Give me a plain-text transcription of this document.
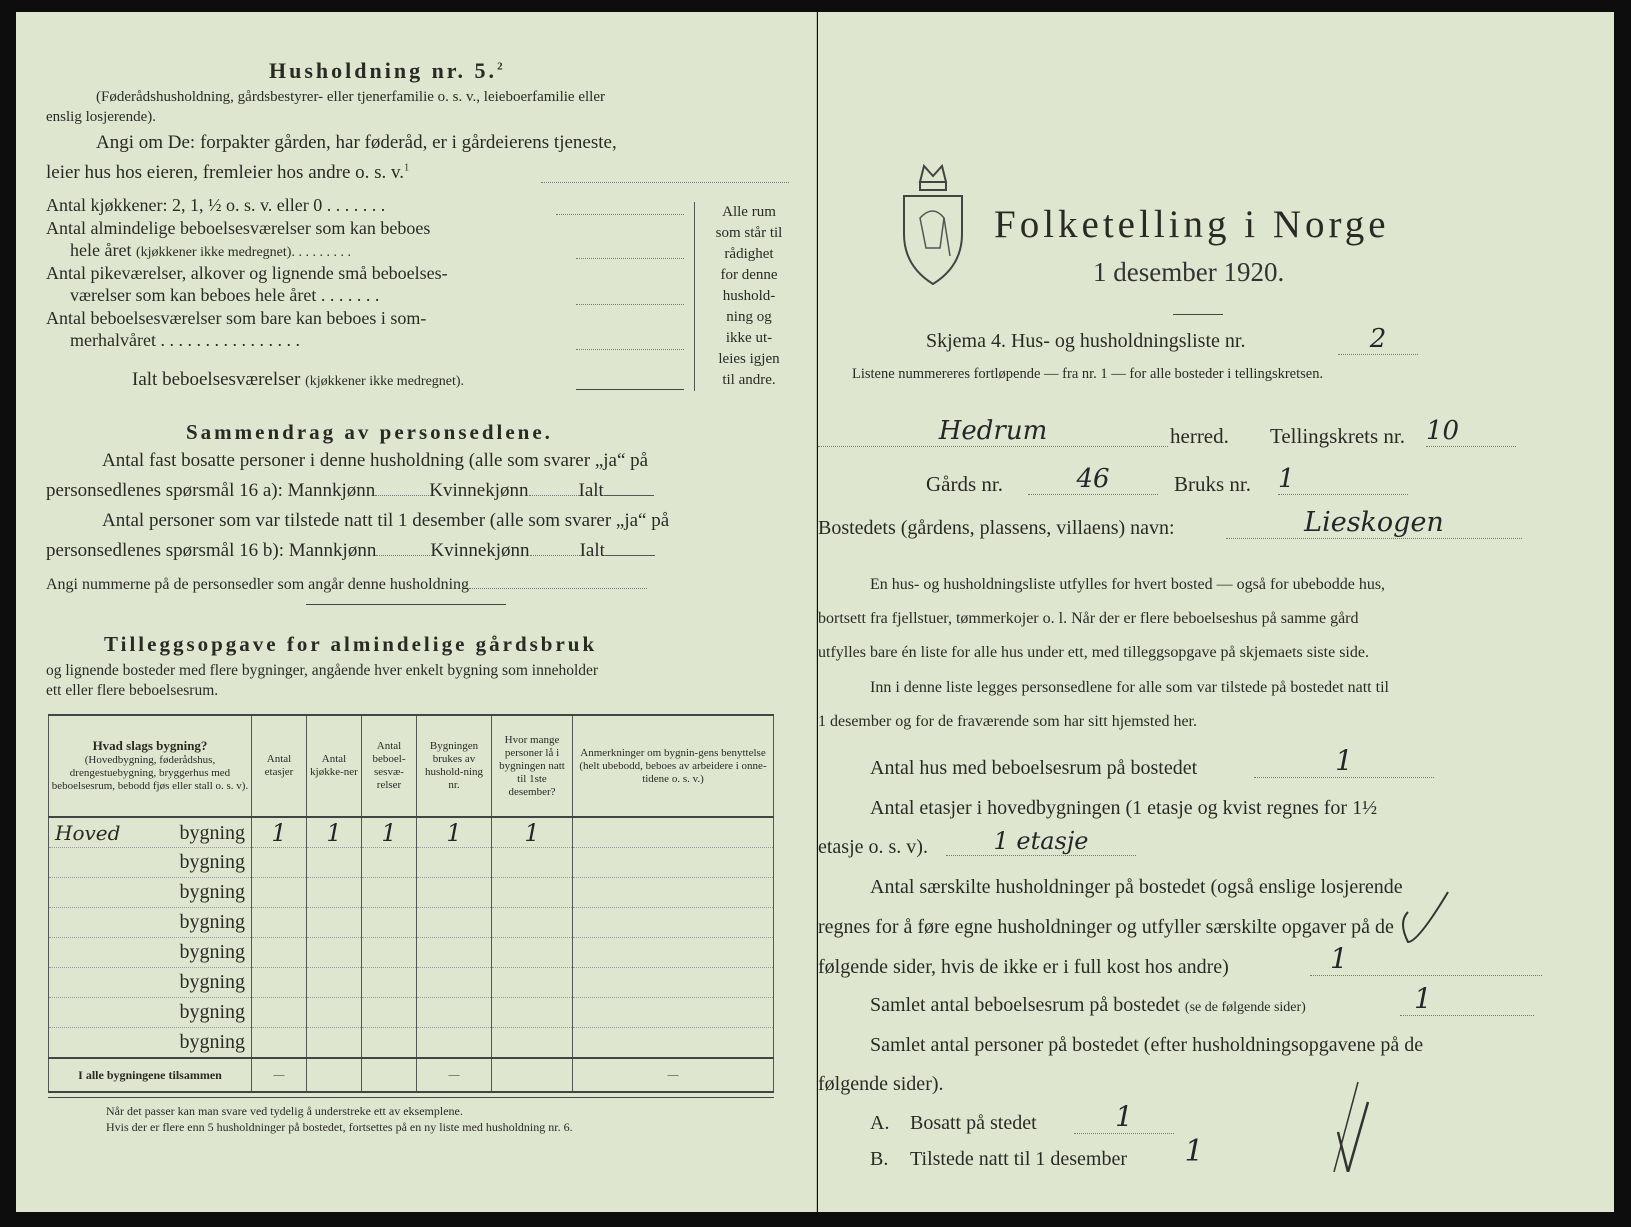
Husholdning nr. 5.$^2$
(Føderådshusholdning, gårdsbestyrer- eller tjenerfamilie o. s. v., leieboerfamilie eller
enslig losjerende).
Angi om De: forpakter gården, har føderåd, er i gårdeierens tjeneste,
leier hus hos eieren, fremleier hos andre o. s. v.$^1$
Antal kjøkkener: 2, 1, ½ o. s. v. eller 0 . . . . . . .
Antal almindelige beboelsesværelser som kan beboes
hele året (kjøkkener ikke medregnet). . . . . . . . .
Antal pikeværelser, alkover og lignende små beboelses-
værelser som kan beboes hele året . . . . . . .
Antal beboelsesværelser som bare kan beboes i som-
merhalvåret . . . . . . . . . . . . . . . .
Ialt beboelsesværelser (kjøkkener ikke medregnet).
Alle rum
som står til
rådighet
for denne
hushold-
ning og
ikke ut-
leies igjen
til andre.
Sammendrag av personsedlene.
Antal fast bosatte personer i denne husholdning (alle som svarer „ja“ på
personsedlenes spørsmål 16 a): Mannkjønn	Kvinnekjønn	Ialt
Antal personer som var tilstede natt til 1 desember (alle som svarer „ja“ på
personsedlenes spørsmål 16 b): Mannkjønn	Kvinnekjønn	Ialt
Angi nummerne på de personsedler som angår denne husholdning
Tilleggsopgave for almindelige gårdsbruk
og lignende bosteder med flere bygninger, angående hver enkelt bygning som inneholder
ett eller flere beboelsesrum.
Hvad slags bygning?
(Hovedbygning, føderådshus, drengestuebygning, bryggerhus med beboelsesrum, bebodd fjøs eller stall o. s. v).	Antal etasjer	Antal kjøkke-ner	Antal beboel-sesvæ-relser	Bygningen brukes av hushold-ning nr.	Hvor mange personer lå i bygningen natt til 1ste desember?	Anmerkninger om bygnin-gens benyttelse (helt ubebodd, beboes av arbeidere i onne-tidene o. s. v.)

Hoved bygning	1	1	1	1	1	

bygning						

bygning						

bygning						

bygning						

bygning						

bygning						

bygning						

I alle bygningene tilsammen	—			—		—
Når det passer kan man svare ved tydelig å understreke ett av eksemplene.
Hvis der er flere enn 5 husholdninger på bostedet, fortsettes på en ny liste med husholdning nr. 6.
Folketelling i Norge
1 desember 1920.
Skjema 4. Hus- og husholdningsliste nr.	2
Listene nummereres fortløpende — fra nr. 1 — for alle bosteder i tellingskretsen.
Hedrum	herred. Tellingskrets nr. 10
Gårds nr.	46	Bruks nr. 1
Bostedets (gårdens, plassens, villaens) navn:	Lieskogen
En hus- og husholdningsliste utfylles for hvert bosted — også for ubebodde hus,
bortsett fra fjellstuer, tømmerkojer o. l. Når der er flere beboelseshus på samme gård
utfylles bare én liste for alle hus under ett, med tilleggsopgave på skjemaets siste side.
Inn i denne liste legges personsedlene for alle som var tilstede på bostedet natt til
1 desember og for de fraværende som har sitt hjemsted her.
Antal hus med beboelsesrum på bostedet	1
Antal etasjer i hovedbygningen (1 etasje og kvist regnes for 1½
etasje o. s. v).	1 etasje
Antal særskilte husholdninger på bostedet (også enslige losjerende
regnes for å føre egne husholdninger og utfyller særskilte opgaver på de
følgende sider, hvis de ikke er i full kost hos andre)	1
Samlet antal beboelsesrum på bostedet (se de følgende sider)	1
Samlet antal personer på bostedet (efter husholdningsopgavene på de
følgende sider).
A. Bosatt på stedet	1
B. Tilstede natt til 1 desember	1
